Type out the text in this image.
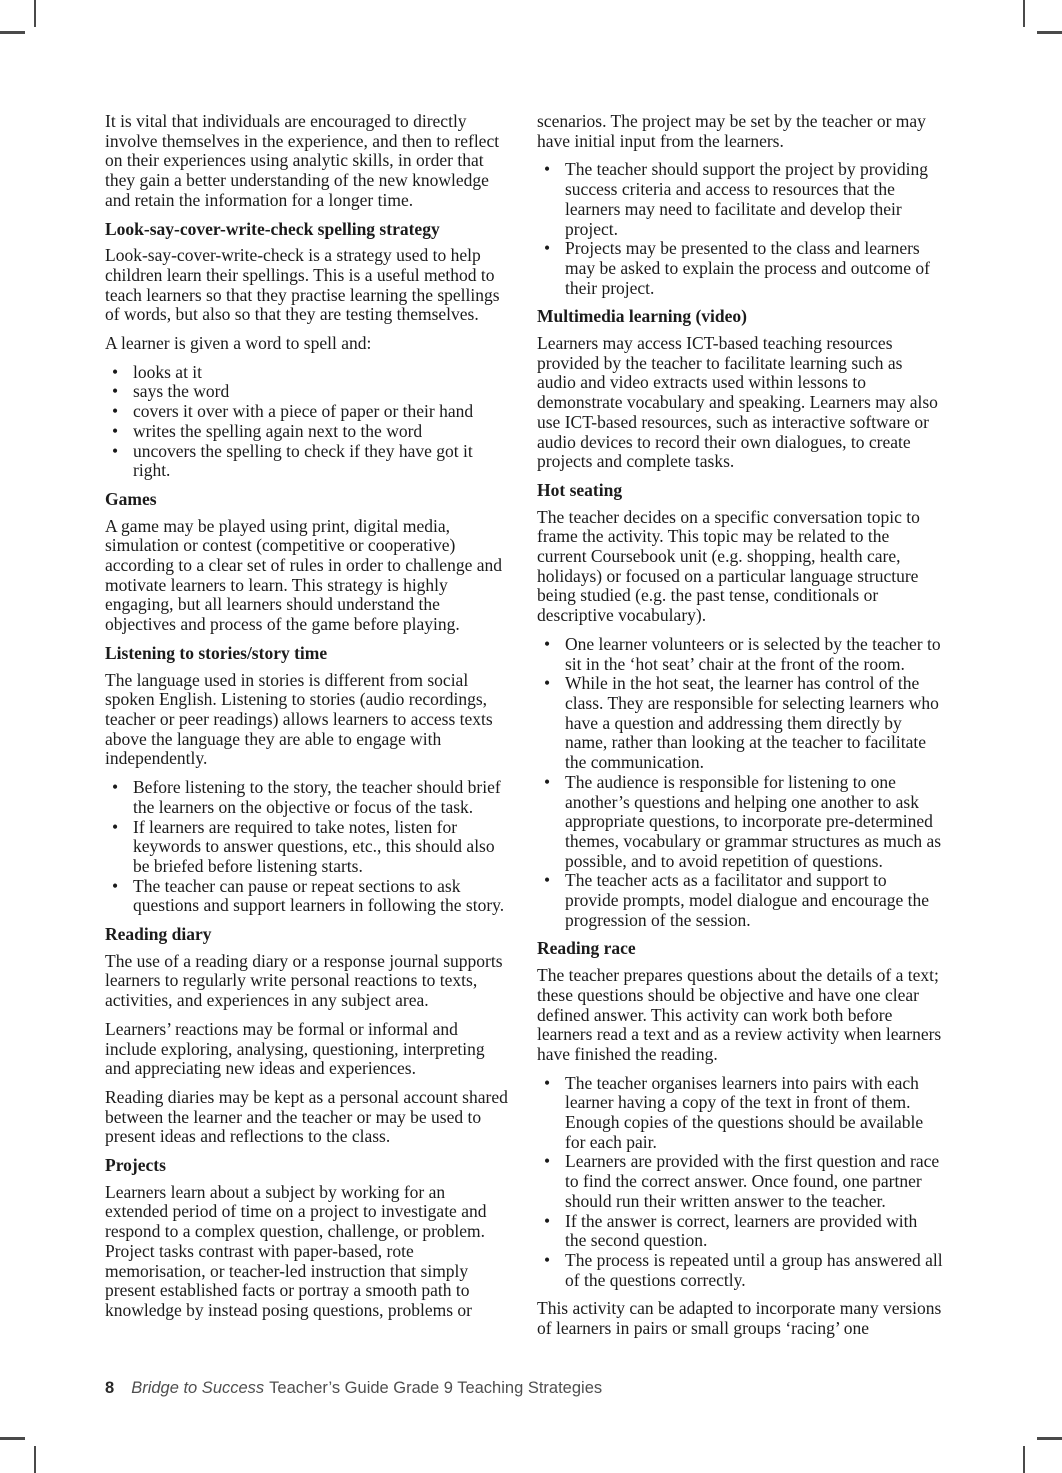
It is vital that individuals are encouraged to directly involve themselves in the experience, and then to reflect on their experiences using analytic skills, in order that they gain a better understanding of the new knowledge and retain the information for a longer time.

Look-say-cover-write-check spelling strategy

Look-say-cover-write-check is a strategy used to help children learn their spellings. This is a useful method to teach learners so that they practise learning the spellings of words, but also so that they are testing themselves.

A learner is given a word to spell and:

• looks at it
• says the word
• covers it over with a piece of paper or their hand
• writes the spelling again next to the word
• uncovers the spelling to check if they have got it right.
Games

A game may be played using print, digital media, simulation or contest (competitive or cooperative) according to a clear set of rules in order to challenge and motivate learners to learn. This strategy is highly engaging, but all learners should understand the objectives and process of the game before playing.

Listening to stories/story time

The language used in stories is different from social spoken English. Listening to stories (audio recordings, teacher or peer readings) allows learners to access texts above the language they are able to engage with independently.

• Before listening to the story, the teacher should brief the learners on the objective or focus of the task.
• If learners are required to take notes, listen for keywords to answer questions, etc., this should also be briefed before listening starts.
• The teacher can pause or repeat sections to ask questions and support learners in following the story.
Reading diary

The use of a reading diary or a response journal supports learners to regularly write personal reactions to texts, activities, and experiences in any subject area.

Learners’ reactions may be formal or informal and include exploring, analysing, questioning, interpreting and appreciating new ideas and experiences.

Reading diaries may be kept as a personal account shared between the learner and the teacher or may be used to present ideas and reflections to the class.

Projects

Learners learn about a subject by working for an extended period of time on a project to investigate and respond to a complex question, challenge, or problem. Project tasks contrast with paper-based, rote memorisation, or teacher-led instruction that simply present established facts or portray a smooth path to knowledge by instead posing questions, problems or

scenarios. The project may be set by the teacher or may have initial input from the learners.

• The teacher should support the project by providing success criteria and access to resources that the learners may need to facilitate and develop their project.
• Projects may be presented to the class and learners may be asked to explain the process and outcome of their project.
Multimedia learning (video)

Learners may access ICT-based teaching resources provided by the teacher to facilitate learning such as audio and video extracts used within lessons to demonstrate vocabulary and speaking. Learners may also use ICT-based resources, such as interactive software or audio devices to record their own dialogues, to create projects and complete tasks.

Hot seating

The teacher decides on a specific conversation topic to frame the activity. This topic may be related to the current Coursebook unit (e.g. shopping, health care, holidays) or focused on a particular language structure being studied (e.g. the past tense, conditionals or descriptive vocabulary).

• One learner volunteers or is selected by the teacher to sit in the ‘hot seat’ chair at the front of the room.
• While in the hot seat, the learner has control of the class. They are responsible for selecting learners who have a question and addressing them directly by name, rather than looking at the teacher to facilitate the communication.
• The audience is responsible for listening to one another’s questions and helping one another to ask appropriate questions, to incorporate pre-determined themes, vocabulary or grammar structures as much as possible, and to avoid repetition of questions.
• The teacher acts as a facilitator and support to provide prompts, model dialogue and encourage the progression of the session.
Reading race

The teacher prepares questions about the details of a text; these questions should be objective and have one clear defined answer. This activity can work both before learners read a text and as a review activity when learners have finished the reading.

• The teacher organises learners into pairs with each learner having a copy of the text in front of them. Enough copies of the questions should be available for each pair.
• Learners are provided with the first question and race to find the correct answer. Once found, one partner should run their written answer to the teacher.
• If the answer is correct, learners are provided with the second question.
• The process is repeated until a group has answered all of the questions correctly.

This activity can be adapted to incorporate many versions of learners in pairs or small groups ‘racing’ one

8 Bridge to Success Teacher’s Guide Grade 9 Teaching Strategies
